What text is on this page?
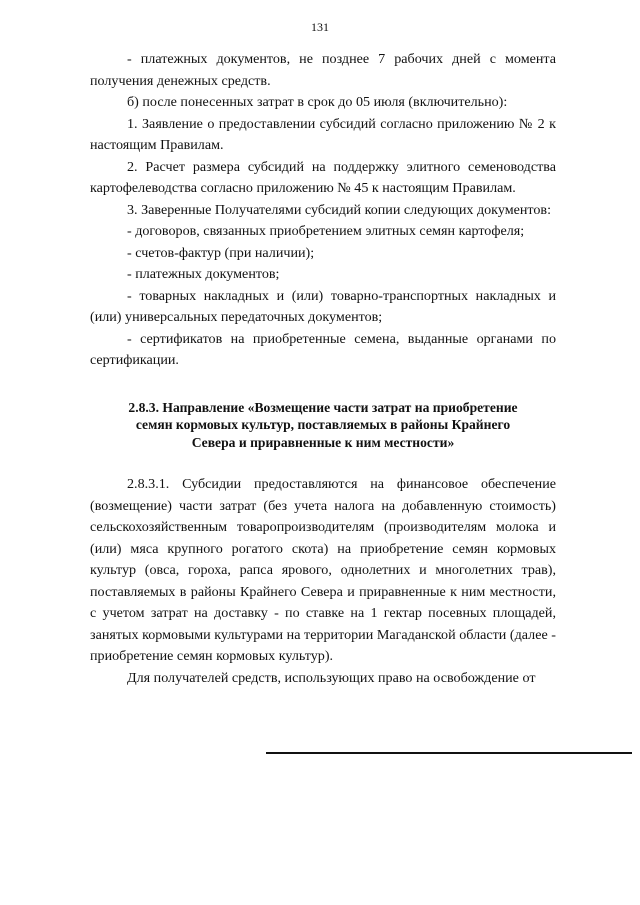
131

- платежных документов, не позднее 7 рабочих дней с момента получения денежных средств.

б) после понесенных затрат в срок до 05 июля (включительно):

1. Заявление о предоставлении субсидий согласно приложению № 2 к настоящим Правилам.

2. Расчет размера субсидий на поддержку элитного семеноводства картофелеводства согласно приложению № 45 к настоящим Правилам.

3. Заверенные Получателями субсидий копии следующих документов:

- договоров, связанных приобретением элитных семян картофеля;

- счетов-фактур (при наличии);

- платежных документов;

- товарных накладных и (или) товарно-транспортных накладных и (или) универсальных передаточных документов;

- сертификатов на приобретенные семена, выданные органами по сертификации.

2.8.3. Направление «Возмещение части затрат на приобретение
семян кормовых культур, поставляемых в районы Крайнего
Севера и приравненные к ним местности»

2.8.3.1. Субсидии предоставляются на финансовое обеспечение (возмещение) части затрат (без учета налога на добавленную стоимость) сельскохозяйственным товаропроизводителям (производителям молока и (или) мяса крупного рогатого скота) на приобретение семян кормовых культур (овса, гороха, рапса ярового, однолетних и многолетних трав), поставляемых в районы Крайнего Севера и приравненные к ним местности, с учетом затрат на доставку - по ставке на 1 гектар посевных площадей, занятых кормовыми культурами на территории Магаданской области (далее - приобретение семян кормовых культур).

Для получателей средств, использующих право на освобождение от
